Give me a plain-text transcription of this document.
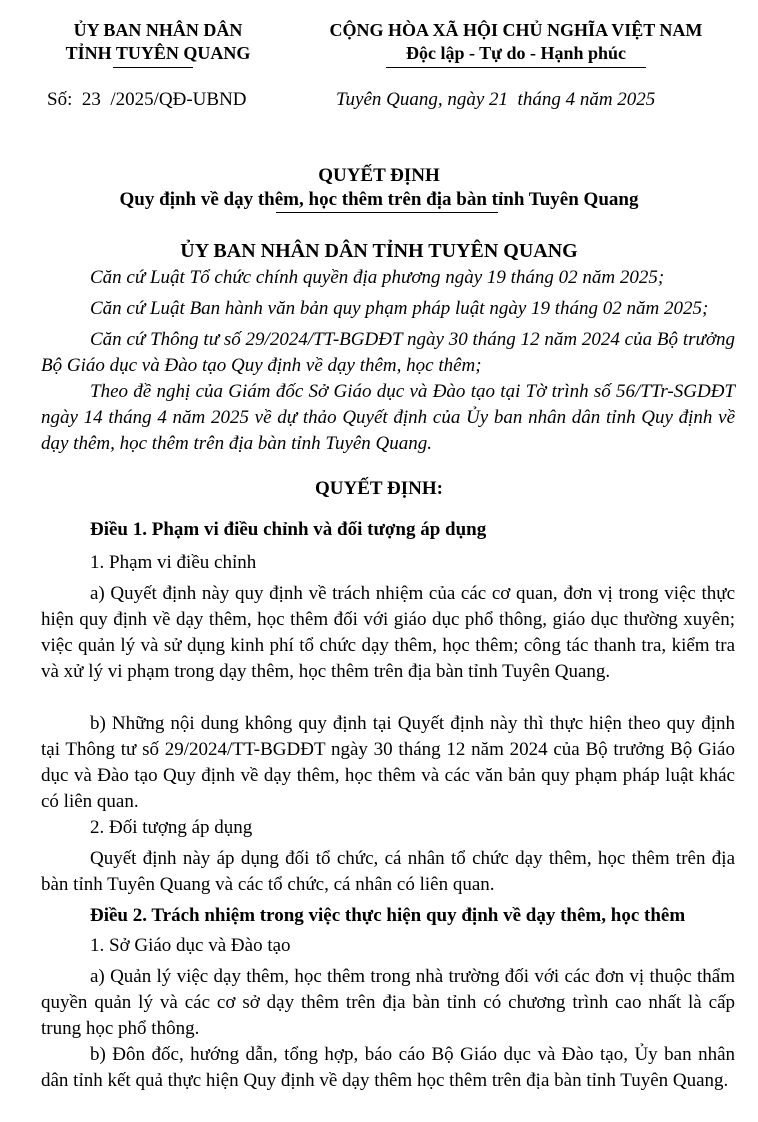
ỦY BAN NHÂN DÂN
TỈNH TUYÊN QUANG
CỘNG HÒA XÃ HỘI CHỦ NGHĨA VIỆT NAM
Độc lập - Tự do - Hạnh phúc
Số: 23 /2025/QĐ-UBND	Tuyên Quang, ngày 21 tháng 4 năm 2025
QUYẾT ĐỊNH
Quy định về dạy thêm, học thêm trên địa bàn tỉnh Tuyên Quang
ỦY BAN NHÂN DÂN TỈNH TUYÊN QUANG
Căn cứ Luật Tổ chức chính quyền địa phương ngày 19 tháng 02 năm 2025;
Căn cứ Luật Ban hành văn bản quy phạm pháp luật ngày 19 tháng 02 năm 2025;
Căn cứ Thông tư số 29/2024/TT-BGDĐT ngày 30 tháng 12 năm 2024 của Bộ trưởng Bộ Giáo dục và Đào tạo Quy định về dạy thêm, học thêm;
Theo đề nghị của Giám đốc Sở Giáo dục và Đào tạo tại Tờ trình số 56/TTr-SGDĐT ngày 14 tháng 4 năm 2025 về dự thảo Quyết định của Ủy ban nhân dân tỉnh Quy định về dạy thêm, học thêm trên địa bàn tỉnh Tuyên Quang.
QUYẾT ĐỊNH:
Điều 1. Phạm vi điều chỉnh và đối tượng áp dụng
1. Phạm vi điều chỉnh
a) Quyết định này quy định về trách nhiệm của các cơ quan, đơn vị trong việc thực hiện quy định về dạy thêm, học thêm đối với giáo dục phổ thông, giáo dục thường xuyên; việc quản lý và sử dụng kinh phí tổ chức dạy thêm, học thêm; công tác thanh tra, kiểm tra và xử lý vi phạm trong dạy thêm, học thêm trên địa bàn tỉnh Tuyên Quang.
b) Những nội dung không quy định tại Quyết định này thì thực hiện theo quy định tại Thông tư số 29/2024/TT-BGDĐT ngày 30 tháng 12 năm 2024 của Bộ trưởng Bộ Giáo dục và Đào tạo Quy định về dạy thêm, học thêm và các văn bản quy phạm pháp luật khác có liên quan.
2. Đối tượng áp dụng
Quyết định này áp dụng đối tổ chức, cá nhân tổ chức dạy thêm, học thêm trên địa bàn tỉnh Tuyên Quang và các tổ chức, cá nhân có liên quan.
Điều 2. Trách nhiệm trong việc thực hiện quy định về dạy thêm, học thêm
1. Sở Giáo dục và Đào tạo
a) Quản lý việc dạy thêm, học thêm trong nhà trường đối với các đơn vị thuộc thẩm quyền quản lý và các cơ sở dạy thêm trên địa bàn tỉnh có chương trình cao nhất là cấp trung học phổ thông.
b) Đôn đốc, hướng dẫn, tổng hợp, báo cáo Bộ Giáo dục và Đào tạo, Ủy ban nhân dân tỉnh kết quả thực hiện Quy định về dạy thêm học thêm trên địa bàn tỉnh Tuyên Quang.
